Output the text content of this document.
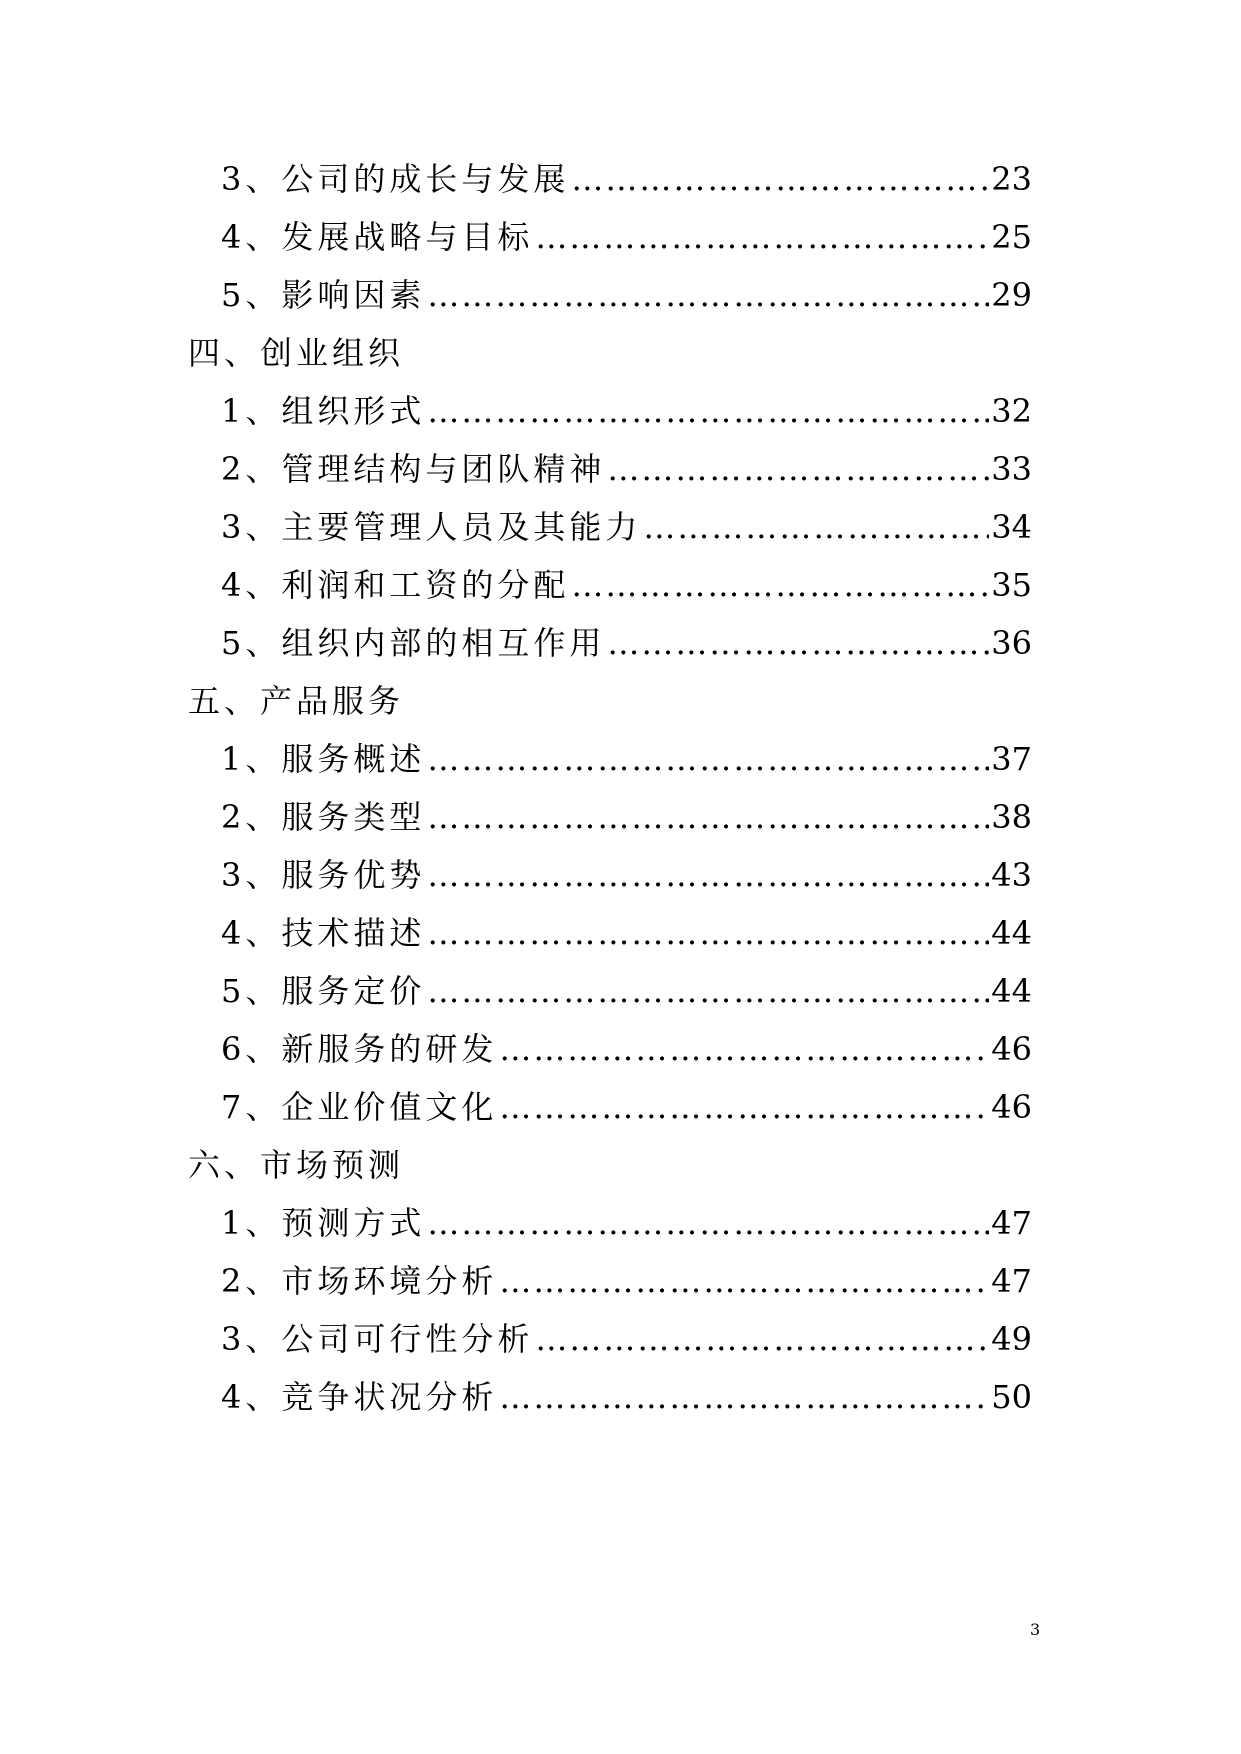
3、公司的成长与发展 ………………………………………………………………………………………………………………………………	23
4、发展战略与目标 ………………………………………………………………………………………………………………………………	25
5、影响因素 ………………………………………………………………………………………………………………………………	29
四、创业组织
1、组织形式 ………………………………………………………………………………………………………………………………	32
2、管理结构与团队精神 ………………………………………………………………………………………………………………………………	33
3、主要管理人员及其能力 ………………………………………………………………………………………………………………………………	34
4、利润和工资的分配 ………………………………………………………………………………………………………………………………	35
5、组织内部的相互作用 ………………………………………………………………………………………………………………………………	36
五、产品服务
1、服务概述 ………………………………………………………………………………………………………………………………	37
2、服务类型 ………………………………………………………………………………………………………………………………	38
3、服务优势 ………………………………………………………………………………………………………………………………	43
4、技术描述 ………………………………………………………………………………………………………………………………	44
5、服务定价 ………………………………………………………………………………………………………………………………	44
6、新服务的研发 ………………………………………………………………………………………………………………………………	46
7、企业价值文化 ………………………………………………………………………………………………………………………………	46
六、市场预测
1、预测方式 ………………………………………………………………………………………………………………………………	47
2、市场环境分析 ………………………………………………………………………………………………………………………………	47
3、公司可行性分析 ………………………………………………………………………………………………………………………………	49
4、竞争状况分析 ………………………………………………………………………………………………………………………………	50
3
